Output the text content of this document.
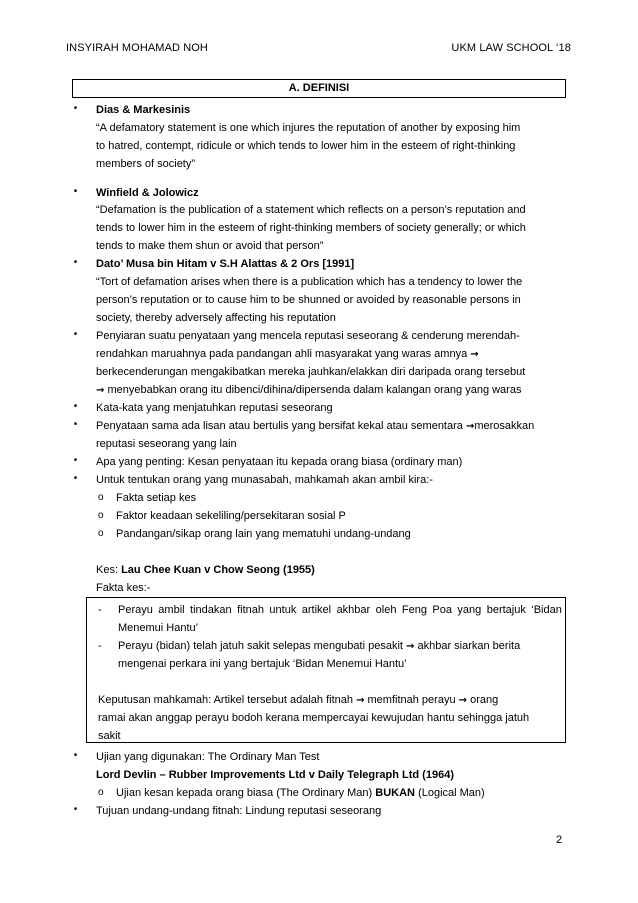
INSYIRAH MOHAMAD NOH	UKM LAW SCHOOL ‘18
A. DEFINISI
• Dias & Markesinis
“A defamatory statement is one which injures the reputation of another by exposing him
to hatred, contempt, ridicule or which tends to lower him in the esteem of right-thinking
members of society”
• Winfield & Jolowicz
“Defamation is the publication of a statement which reflects on a person’s reputation and
tends to lower him in the esteem of right-thinking members of society generally; or which
tends to make them shun or avoid that person”
• Dato’ Musa bin Hitam v S.H Alattas & 2 Ors [1991]
“Tort of defamation arises when there is a publication which has a tendency to lower the
person’s reputation or to cause him to be shunned or avoided by reasonable persons in
society, thereby adversely affecting his reputation
• Penyiaran suatu penyataan yang mencela reputasi seseorang & cenderung merendah-
rendahkan maruahnya pada pandangan ahli masyarakat yang waras amnya →
berkecenderungan mengakibatkan mereka jauhkan/elakkan diri daripada orang tersebut
→ menyebabkan orang itu dibenci/dihina/dipersenda dalam kalangan orang yang waras
• Kata-kata yang menjatuhkan reputasi seseorang
• Penyataan sama ada lisan atau bertulis yang bersifat kekal atau sementara →merosakkan
reputasi seseorang yang lain
• Apa yang penting: Kesan penyataan itu kepada orang biasa (ordinary man)
• Untuk tentukan orang yang munasabah, mahkamah akan ambil kira:-
o Fakta setiap kes
o Faktor keadaan sekeliling/persekitaran sosial P
o Pandangan/sikap orang lain yang mematuhi undang-undang
Kes: Lau Chee Kuan v Chow Seong (1955)
Fakta kes:-
- Perayu ambil tindakan fitnah untuk artikel akhbar oleh Feng Poa yang bertajuk ‘Bidan
Menemui Hantu’
- Perayu (bidan) telah jatuh sakit selepas mengubati pesakit → akhbar siarkan berita
mengenai perkara ini yang bertajuk ‘Bidan Menemui Hantu’
Keputusan mahkamah: Artikel tersebut adalah fitnah → memfitnah perayu → orang
ramai akan anggap perayu bodoh kerana mempercayai kewujudan hantu sehingga jatuh
sakit
• Ujian yang digunakan: The Ordinary Man Test
Lord Devlin – Rubber Improvements Ltd v Daily Telegraph Ltd (1964)
o Ujian kesan kepada orang biasa (The Ordinary Man) BUKAN (Logical Man)
• Tujuan undang-undang fitnah: Lindung reputasi seseorang
2
